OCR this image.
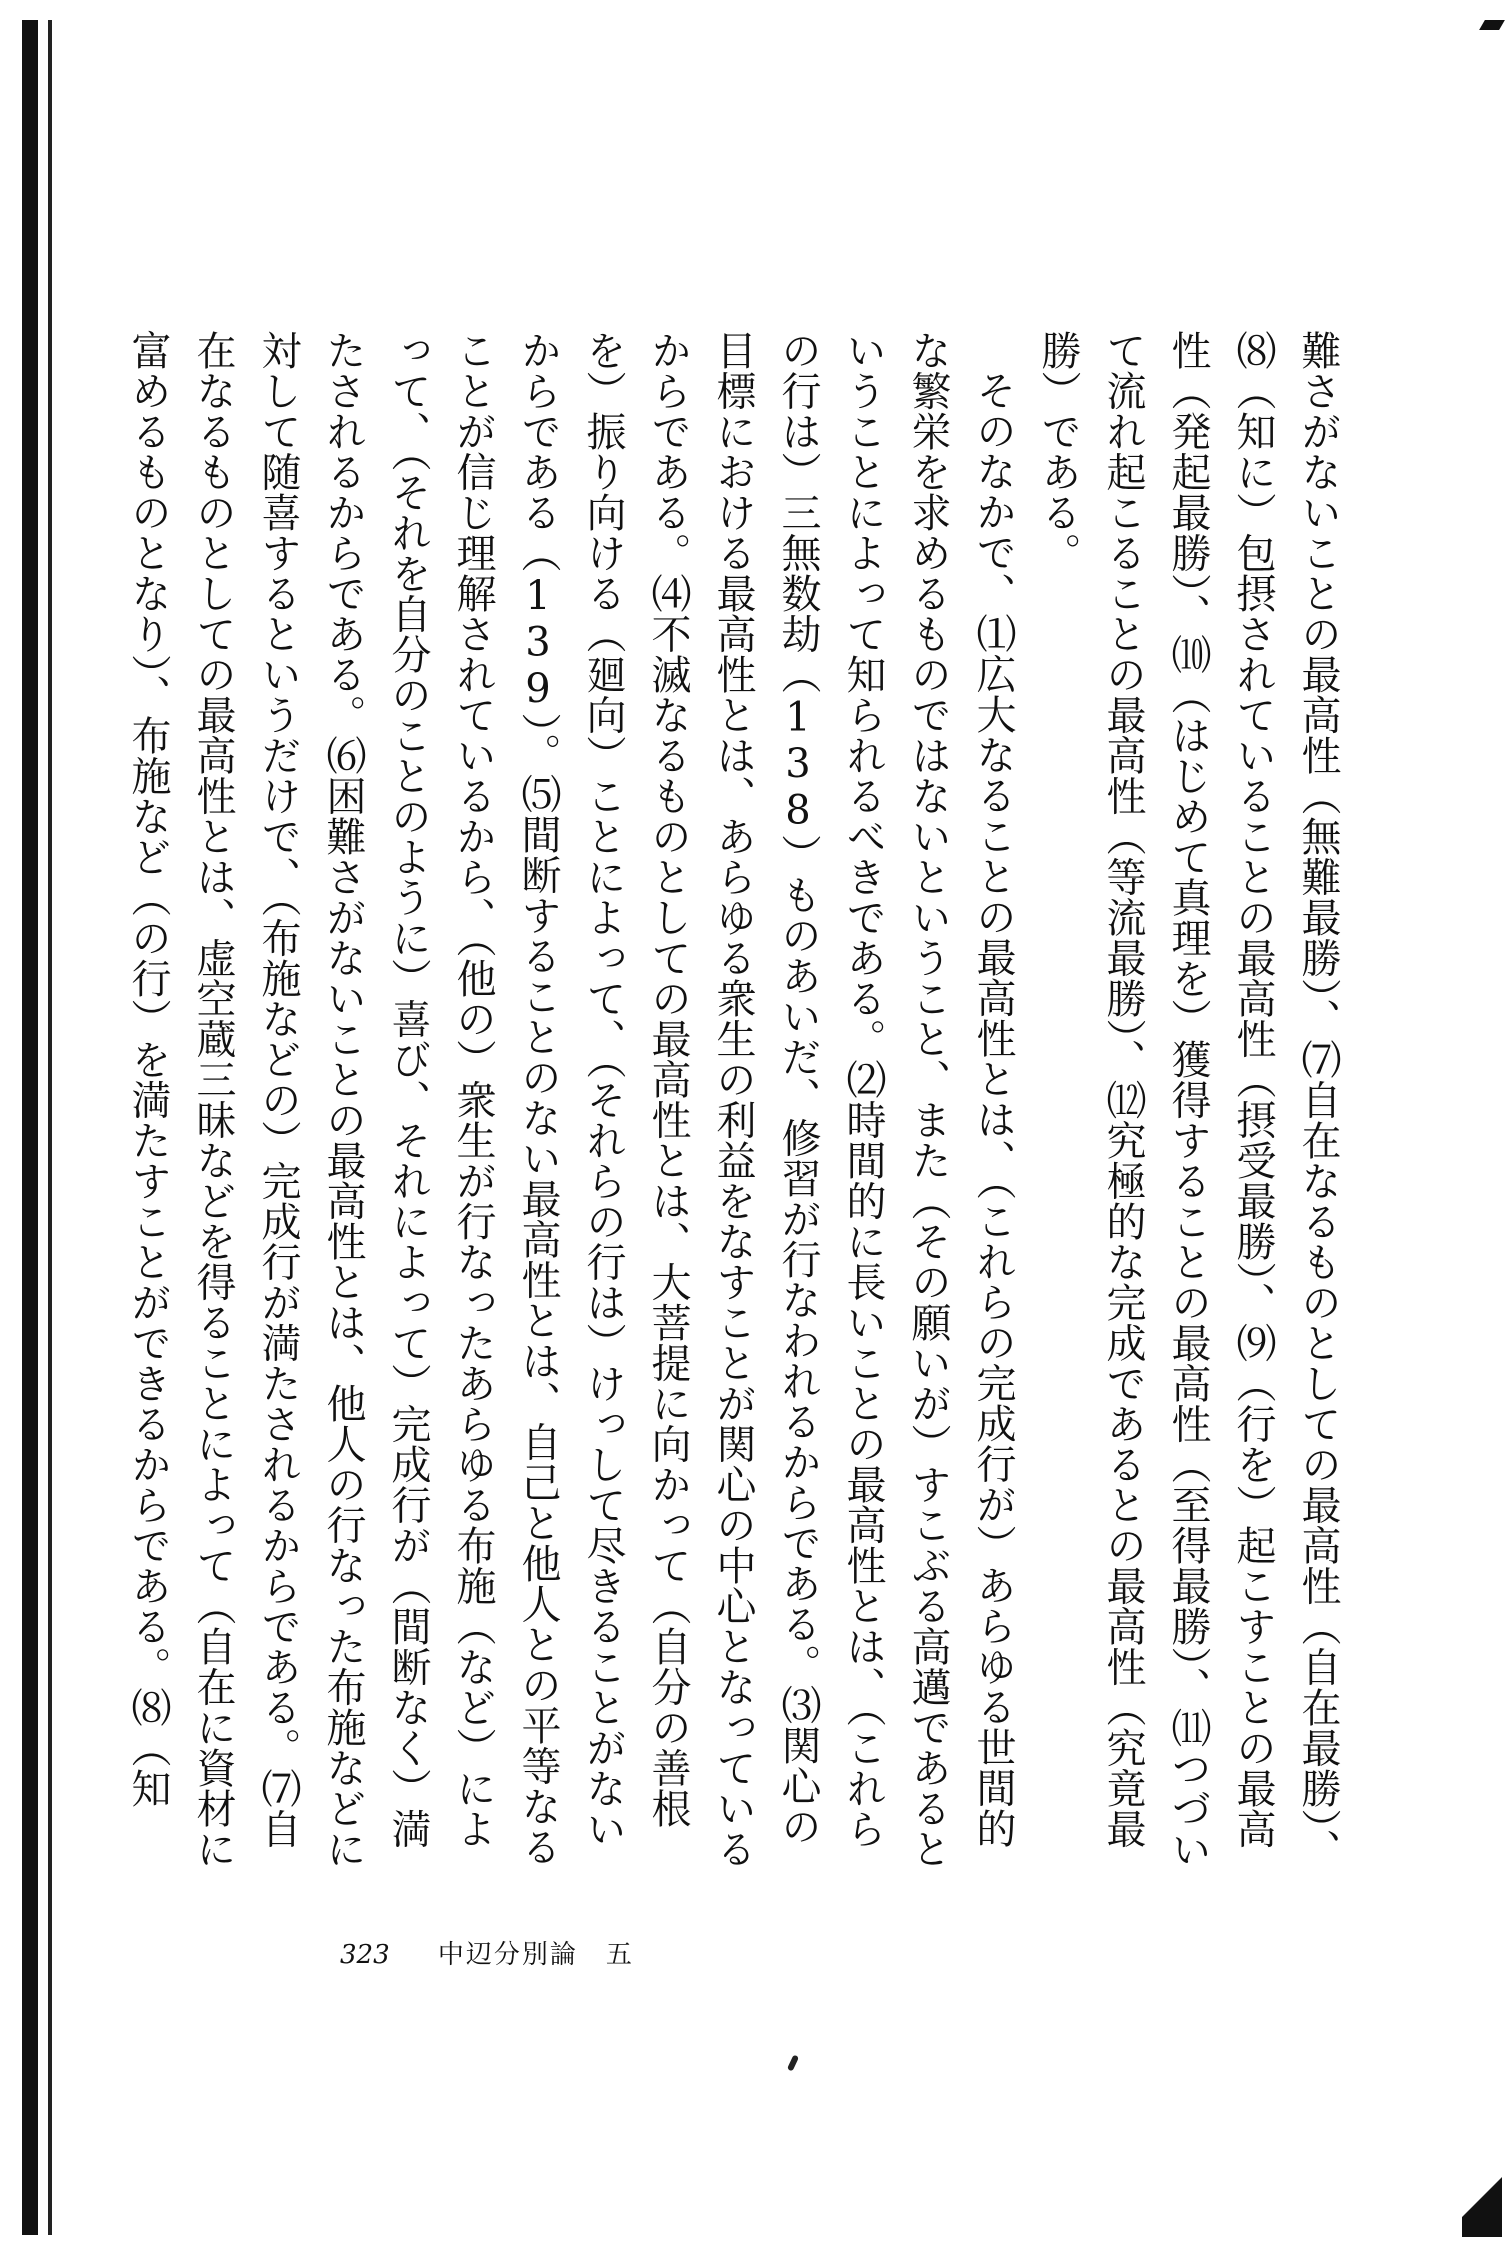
難さがないことの最高性（無難最勝）、⑺自在なるものとしての最高性（自在最勝）、⑻（知に）包摂されていることの最高性（摂受最勝）、⑼（行を）起こすことの最高性（発起最勝）、⑽（はじめて真理を）獲得することの最高性（至得最勝）、⑾つづいて流れ起こることの最高性（等流最勝）、⑿究極的な完成であるとの最高性（究竟最勝）である。

そのなかで、⑴広大なることの最高性とは、（これらの完成行が）あらゆる世間的な繁栄を求めるものではないということ、また（その願いが）すこぶる高邁であるということによって知られるべきである。⑵時間的に長いことの最高性とは、（これらの行は）三無数劫（138）ものあいだ、修習が行なわれるからである。⑶関心の目標における最高性とは、あらゆる衆生の利益をなすことが関心の中心となっているからである。⑷不滅なるものとしての最高性とは、大菩提に向かって（自分の善根を）振り向ける（廻向）ことによって、（それらの行は）けっして尽きることがないからである（139）。⑸間断することのない最高性とは、自己と他人との平等なることが信じ理解されているから、（他の）衆生が行なったあらゆる布施（など）によって、（それを自分のことのように）喜び、それによって）完成行が（間断なく）満たされるからである。⑹困難さがないことの最高性とは、他人の行なった布施などに対して随喜するというだけで、（布施などの）完成行が満たされるからである。⑺自在なるものとしての最高性とは、虚空蔵三昧などを得ることによって（自在に資材に富めるものとなり）、布施など（の行）を満たすことができるからである。⑻（知

323 中辺分別論　五
